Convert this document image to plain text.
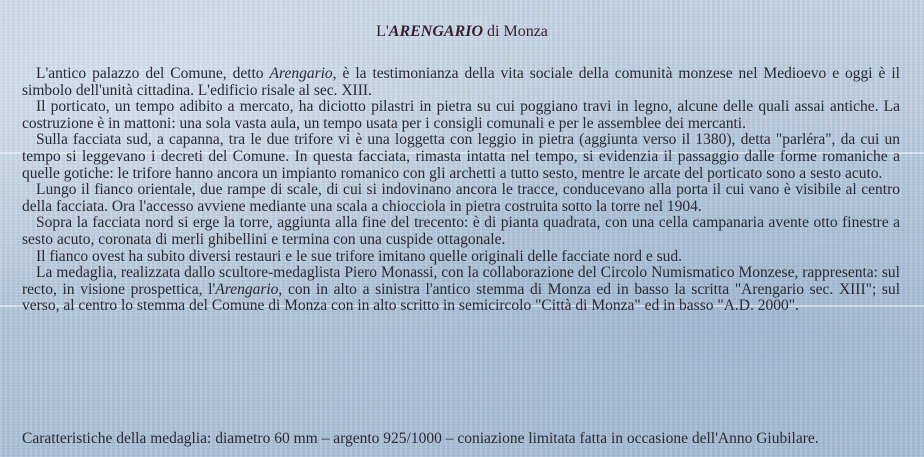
L'ARENGARIO di Monza

L'antico palazzo del Comune, detto Arengario, è la testimonianza della vita sociale della comunità monzese nel Medioevo e oggi è il simbolo dell'unità cittadina. L'edificio risale al sec. XIII.

Il porticato, un tempo adibito a mercato, ha diciotto pilastri in pietra su cui poggiano travi in legno, alcune delle quali assai antiche. La costruzione è in mattoni: una sola vasta aula, un tempo usata per i consigli comunali e per le assemblee dei mercanti.

Sulla facciata sud, a capanna, tra le due trifore vi è una loggetta con leggio in pietra (aggiunta verso il 1380), detta "parléra", da cui un tempo si leggevano i decreti del Comune. In questa facciata, rimasta intatta nel tempo, si evidenzia il passaggio dalle forme romaniche a quelle gotiche: le trifore hanno ancora un impianto romanico con gli archetti a tutto sesto, mentre le arcate del porticato sono a sesto acuto.

Lungo il fianco orientale, due rampe di scale, di cui si indovinano ancora le tracce, conducevano alla porta il cui vano è visibile al centro della facciata. Ora l'accesso avviene mediante una scala a chiocciola in pietra costruita sotto la torre nel 1904.

Sopra la facciata nord si erge la torre, aggiunta alla fine del trecento: è di pianta quadrata, con una cella campanaria avente otto finestre a sesto acuto, coronata di merli ghibellini e termina con una cuspide ottagonale.

Il fianco ovest ha subito diversi restauri e le sue trifore imitano quelle originali delle facciate nord e sud.

La medaglia, realizzata dallo scultore-medaglista Piero Monassi, con la collaborazione del Circolo Numismatico Monzese, rappresenta: sul recto, in visione prospettica, l'Arengario, con in alto a sinistra l'antico stemma di Monza ed in basso la scritta "Arengario sec. XIII"; sul verso, al centro lo stemma del Comune di Monza con in alto scritto in semicircolo "Città di Monza" ed in basso "A.D. 2000".

Caratteristiche della medaglia: diametro 60 mm – argento 925/1000 – coniazione limitata fatta in occasione dell'Anno Giubilare.
